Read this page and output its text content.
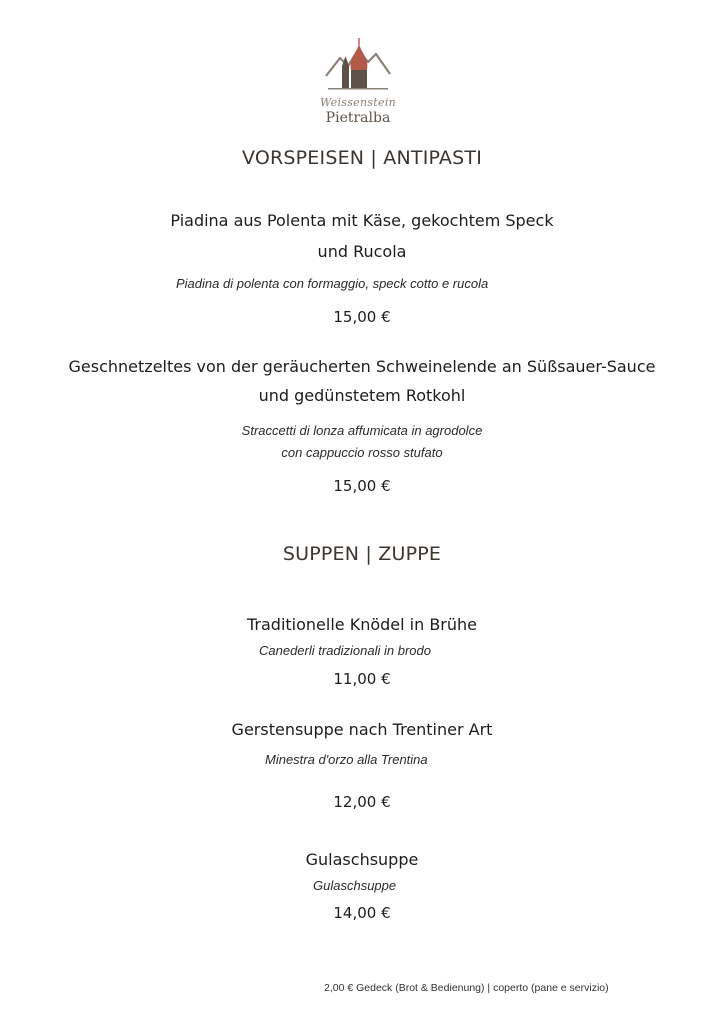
Weissenstein
Pietralba
VORSPEISEN | ANTIPASTI
Piadina aus Polenta mit Käse, gekochtem Speck
und Rucola
Piadina di polenta con formaggio, speck cotto e rucola
15,00 €
Geschnetzeltes von der geräucherten Schweinelende an Süßsauer-Sauce
und gedünstetem Rotkohl
Straccetti di lonza affumicata in agrodolce
con cappuccio rosso stufato
15,00 €
SUPPEN | ZUPPE
Traditionelle Knödel in Brühe
Canederli tradizionali in brodo
11,00 €
Gerstensuppe nach Trentiner Art
Minestra d'orzo alla Trentina
12,00 €
Gulaschsuppe
Gulaschsuppe
14,00 €
2,00 € Gedeck (Brot & Bedienung) | coperto (pane e servizio)
